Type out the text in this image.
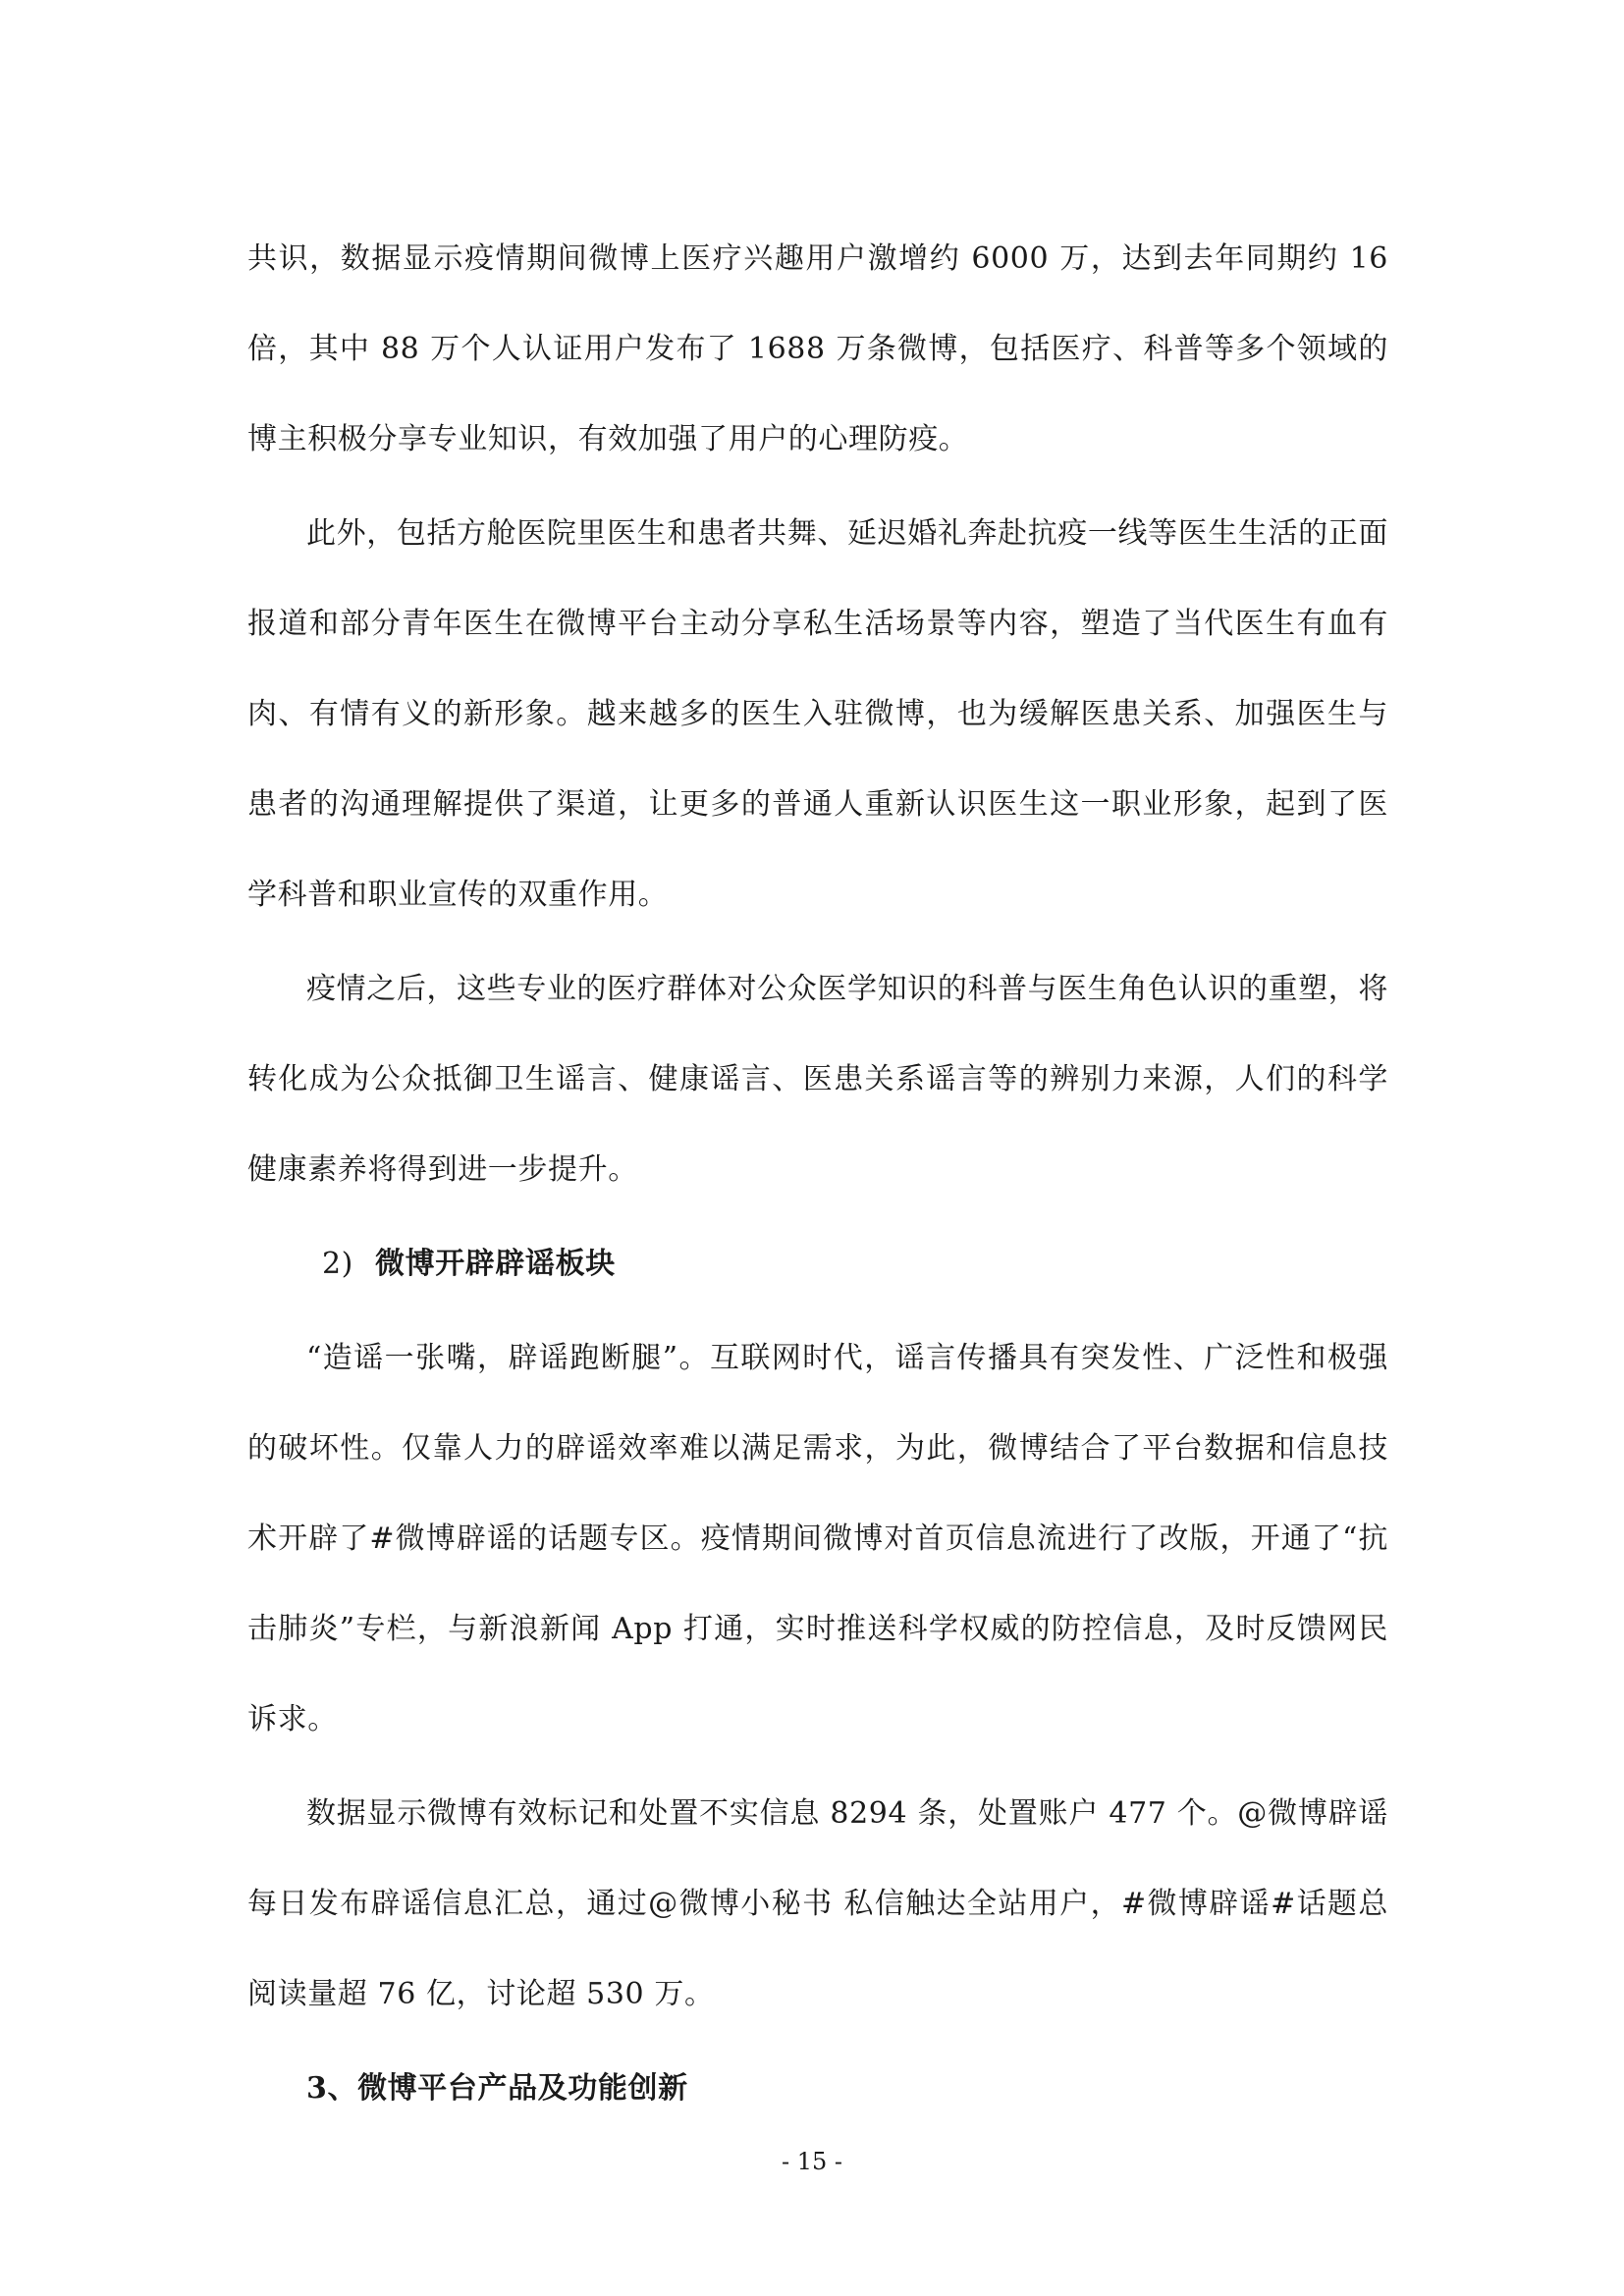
共识，数据显示疫情期间微博上医疗兴趣用户激增约 6000 万，达到去年同期约 16 倍，其中 88 万个人认证用户发布了 1688 万条微博，包括医疗、科普等多个领域的博主积极分享专业知识，有效加强了用户的心理防疫。

此外，包括方舱医院里医生和患者共舞、延迟婚礼奔赴抗疫一线等医生生活的正面报道和部分青年医生在微博平台主动分享私生活场景等内容，塑造了当代医生有血有肉、有情有义的新形象。越来越多的医生入驻微博，也为缓解医患关系、加强医生与患者的沟通理解提供了渠道，让更多的普通人重新认识医生这一职业形象，起到了医学科普和职业宣传的双重作用。

疫情之后，这些专业的医疗群体对公众医学知识的科普与医生角色认识的重塑，将转化成为公众抵御卫生谣言、健康谣言、医患关系谣言等的辨别力来源，人们的科学健康素养将得到进一步提升。

2) 微博开辟辟谣板块

“造谣一张嘴，辟谣跑断腿”。互联网时代，谣言传播具有突发性、广泛性和极强的破坏性。仅靠人力的辟谣效率难以满足需求，为此，微博结合了平台数据和信息技术开辟了#微博辟谣的话题专区。疫情期间微博对首页信息流进行了改版，开通了“抗击肺炎”专栏，与新浪新闻 App 打通，实时推送科学权威的防控信息，及时反馈网民诉求。

数据显示微博有效标记和处置不实信息 8294 条，处置账户 477 个。@微博辟谣 每日发布辟谣信息汇总，通过@微博小秘书 私信触达全站用户，#微博辟谣#话题总阅读量超 76 亿，讨论超 530 万。

3、微博平台产品及功能创新
- 15 -
